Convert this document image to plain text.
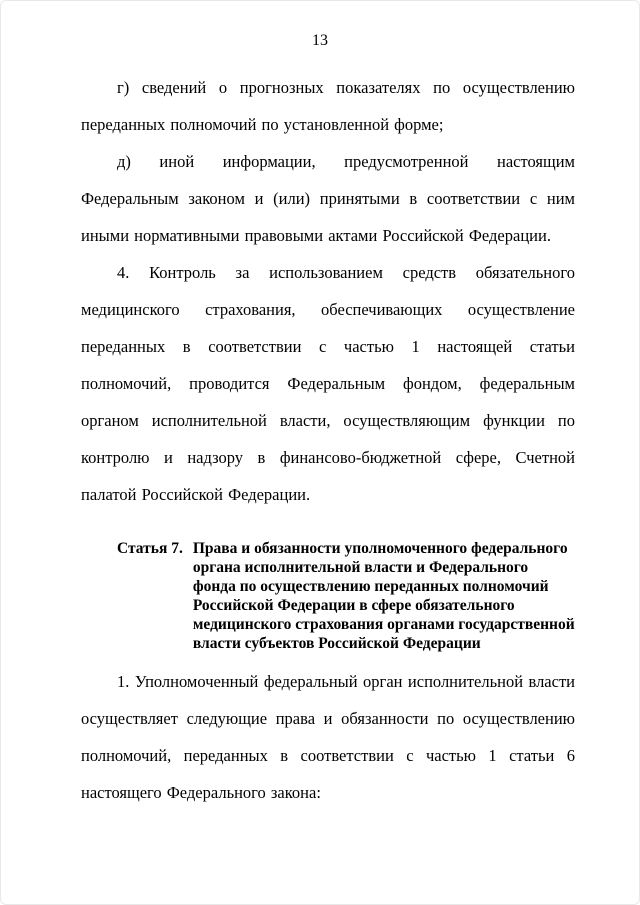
13

г) сведений о прогнозных показателях по осуществлению переданных полномочий по установленной форме;

д) иной информации, предусмотренной настоящим Федеральным законом и (или) принятыми в соответствии с ним иными нормативными правовыми актами Российской Федерации.

4. Контроль за использованием средств обязательного медицинского страхования, обеспечивающих осуществление переданных в соответствии с частью 1 настоящей статьи полномочий, проводится Федеральным фондом, федеральным органом исполнительной власти, осуществляющим функции по контролю и надзору в финансово-бюджетной сфере, Счетной палатой Российской Федерации.

Статья 7. Права и обязанности уполномоченного федерального органа исполнительной власти и Федерального фонда по осуществлению переданных полномочий Российской Федерации в сфере обязательного медицинского страхования органами государственной власти субъектов Российской Федерации

1. Уполномоченный федеральный орган исполнительной власти осуществляет следующие права и обязанности по осуществлению полномочий, переданных в соответствии с частью 1 статьи 6 настоящего Федерального закона:
